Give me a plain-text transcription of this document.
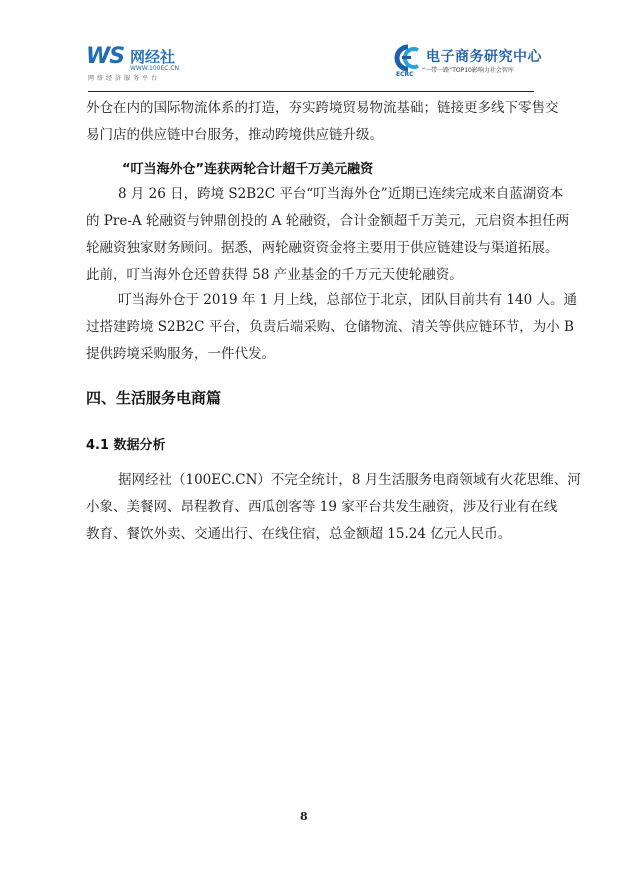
WS 网经社
WWW.100EC.CN
网络经济服务平台
电子商务研究中心
ECRC
“一带一路”TOP10影响力社会智库

外仓在内的国际物流体系的打造，夯实跨境贸易物流基础；链接更多线下零售交
易门店的供应链中台服务，推动跨境供应链升级。

“叮当海外仓”连获两轮合计超千万美元融资

8 月 26 日，跨境 S2B2C 平台“叮当海外仓”近期已连续完成来自蓝湖资本
的 Pre-A 轮融资与钟鼎创投的 A 轮融资，合计金额超千万美元，元启资本担任两
轮融资独家财务顾问。据悉，两轮融资资金将主要用于供应链建设与渠道拓展。
此前，叮当海外仓还曾获得 58 产业基金的千万元天使轮融资。

叮当海外仓于 2019 年 1 月上线，总部位于北京，团队目前共有 140 人。通
过搭建跨境 S2B2C 平台，负责后端采购、仓储物流、清关等供应链环节，为小 B
提供跨境采购服务，一件代发。

四、生活服务电商篇
4.1 数据分析

据网经社（100EC.CN）不完全统计，8 月生活服务电商领域有火花思维、河
小象、美餐网、昂程教育、西瓜创客等 19 家平台共发生融资，涉及行业有在线
教育、餐饮外卖、交通出行、在线住宿，总金额超 15.24 亿元人民币。

8
